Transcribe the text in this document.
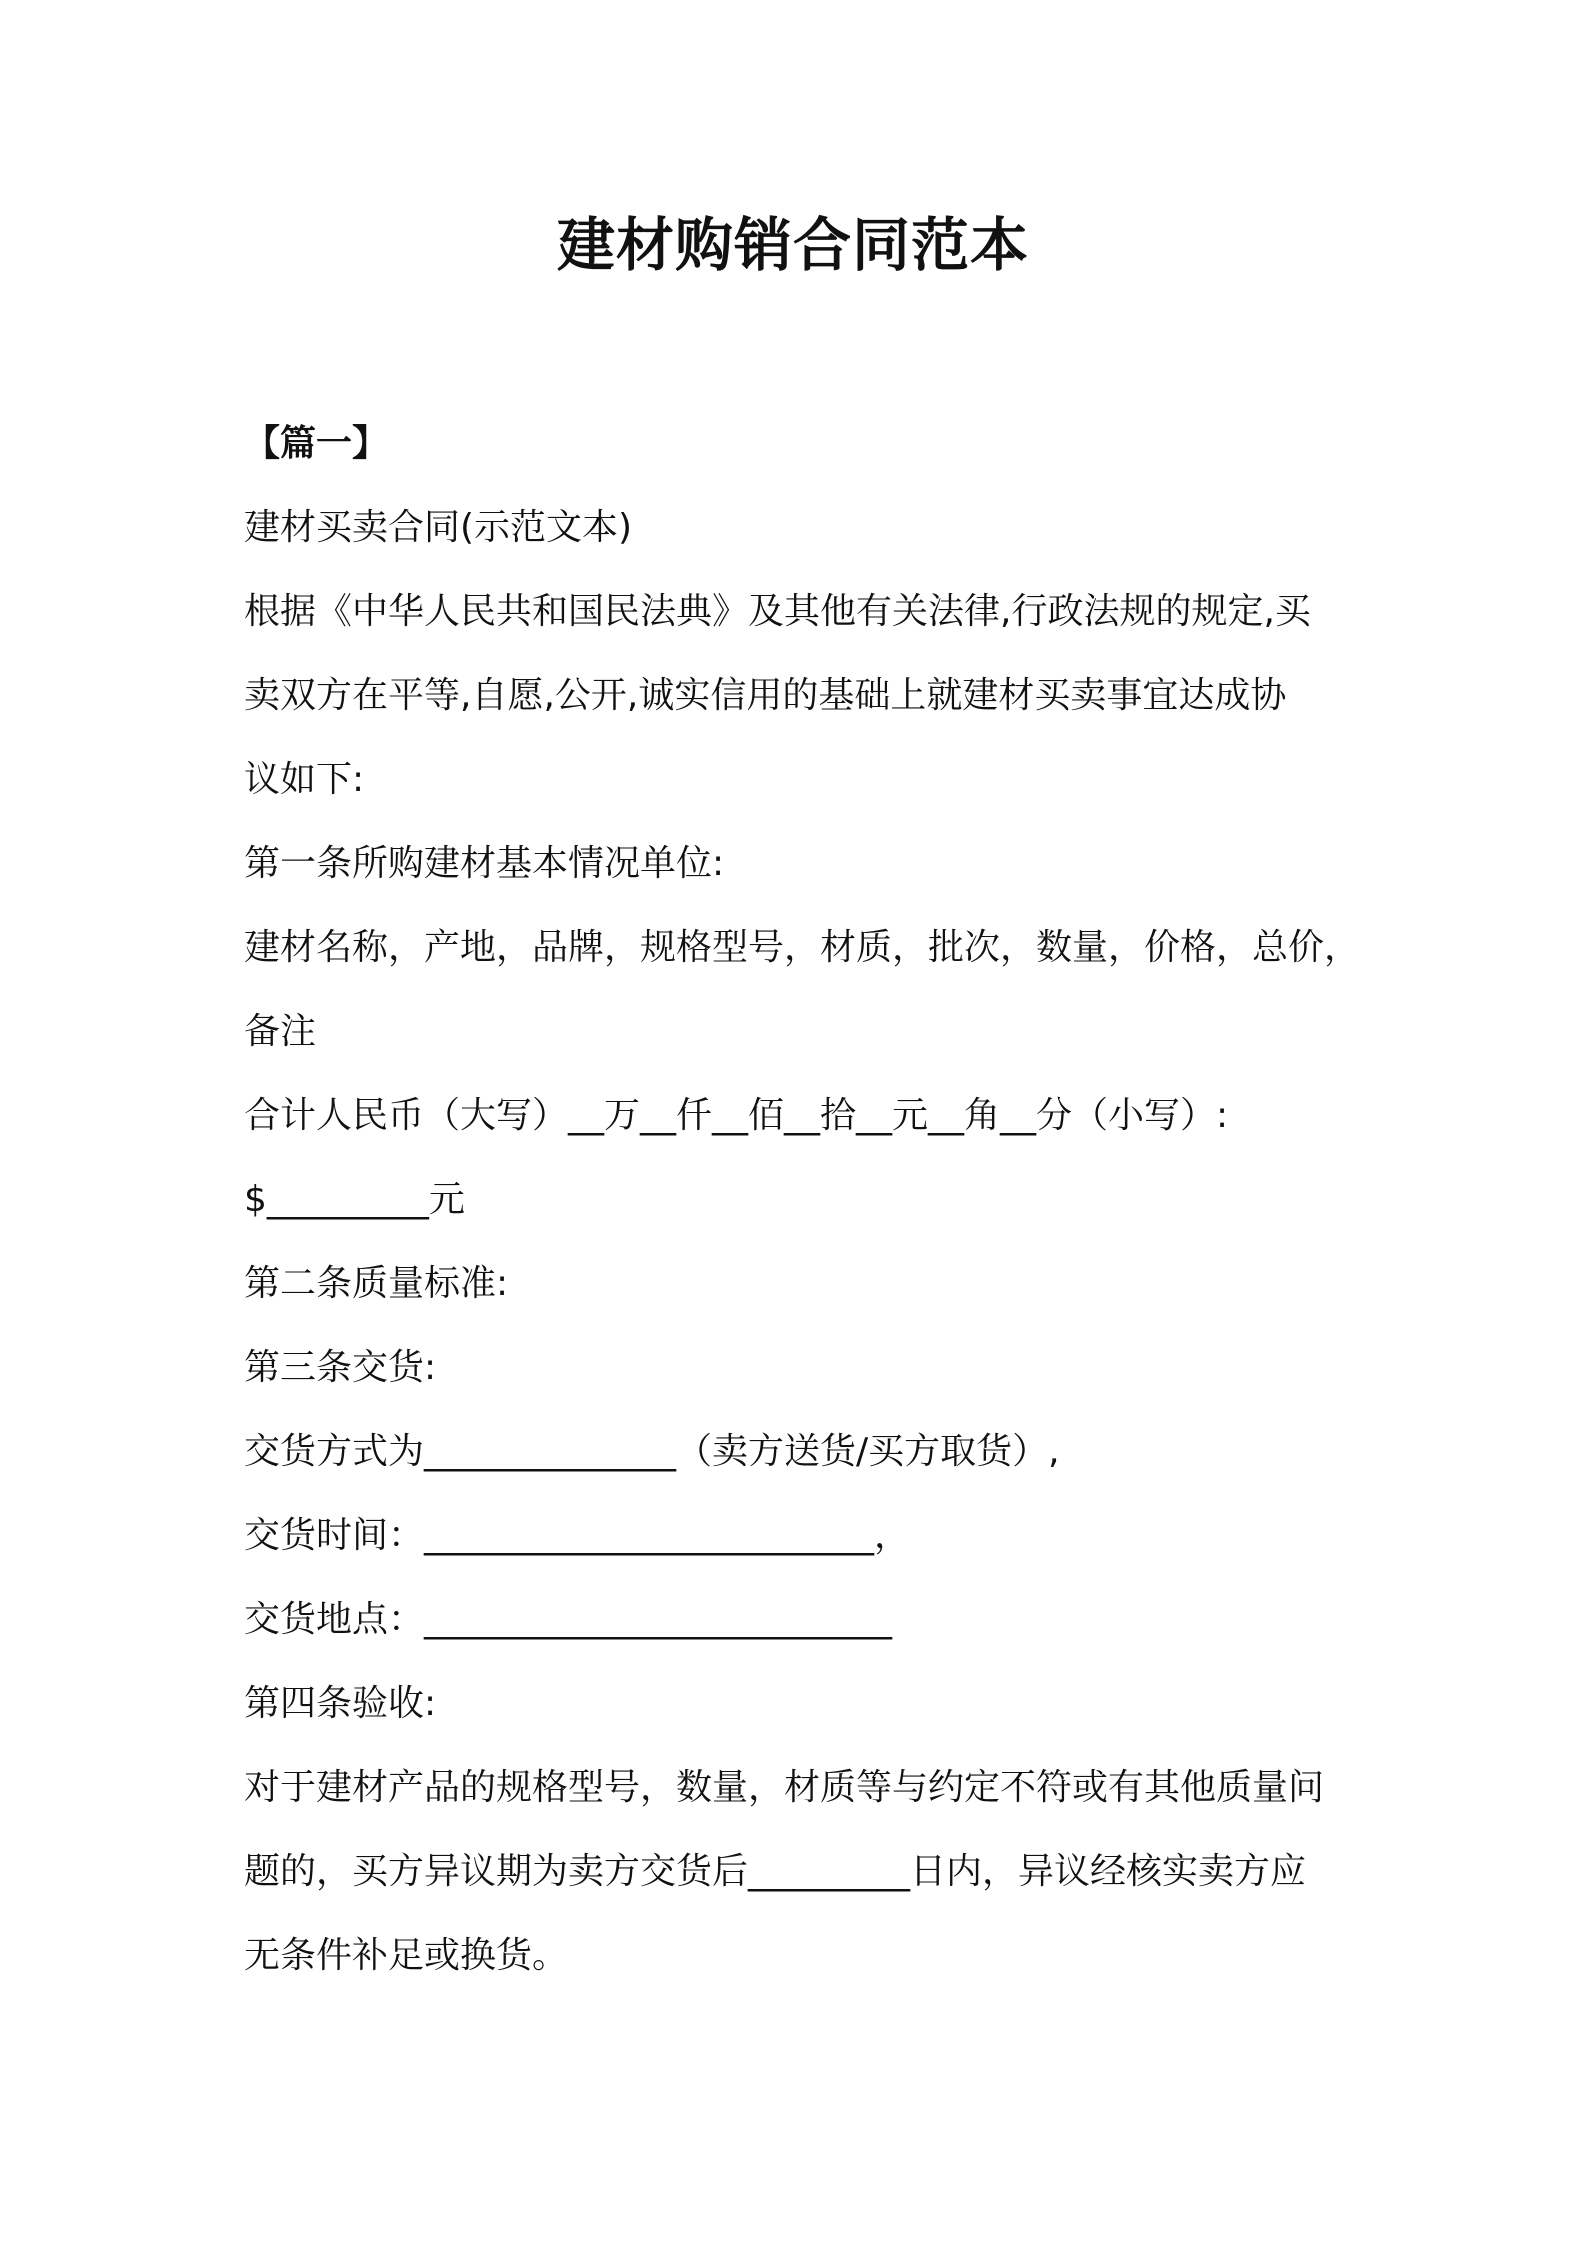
建材购销合同范本
【篇一】
建材买卖合同(示范文本)
根据《中华人民共和国民法典》及其他有关法律,行政法规的规定,买
卖双方在平等,自愿,公开,诚实信用的基础上就建材买卖事宜达成协
议如下:
第一条所购建材基本情况单位:
建材名称，产地，品牌，规格型号，材质，批次，数量，价格，总价，
备注
合计人民币（大写）__万__仟__佰__拾__元__角__分（小写）:
$_________元
第二条质量标准:
第三条交货:
交货方式为______________（卖方送货/买方取货）,
交货时间：_________________________，
交货地点：__________________________
第四条验收:
对于建材产品的规格型号，数量，材质等与约定不符或有其他质量问
题的，买方异议期为卖方交货后_________日内，异议经核实卖方应
无条件补足或换货。
